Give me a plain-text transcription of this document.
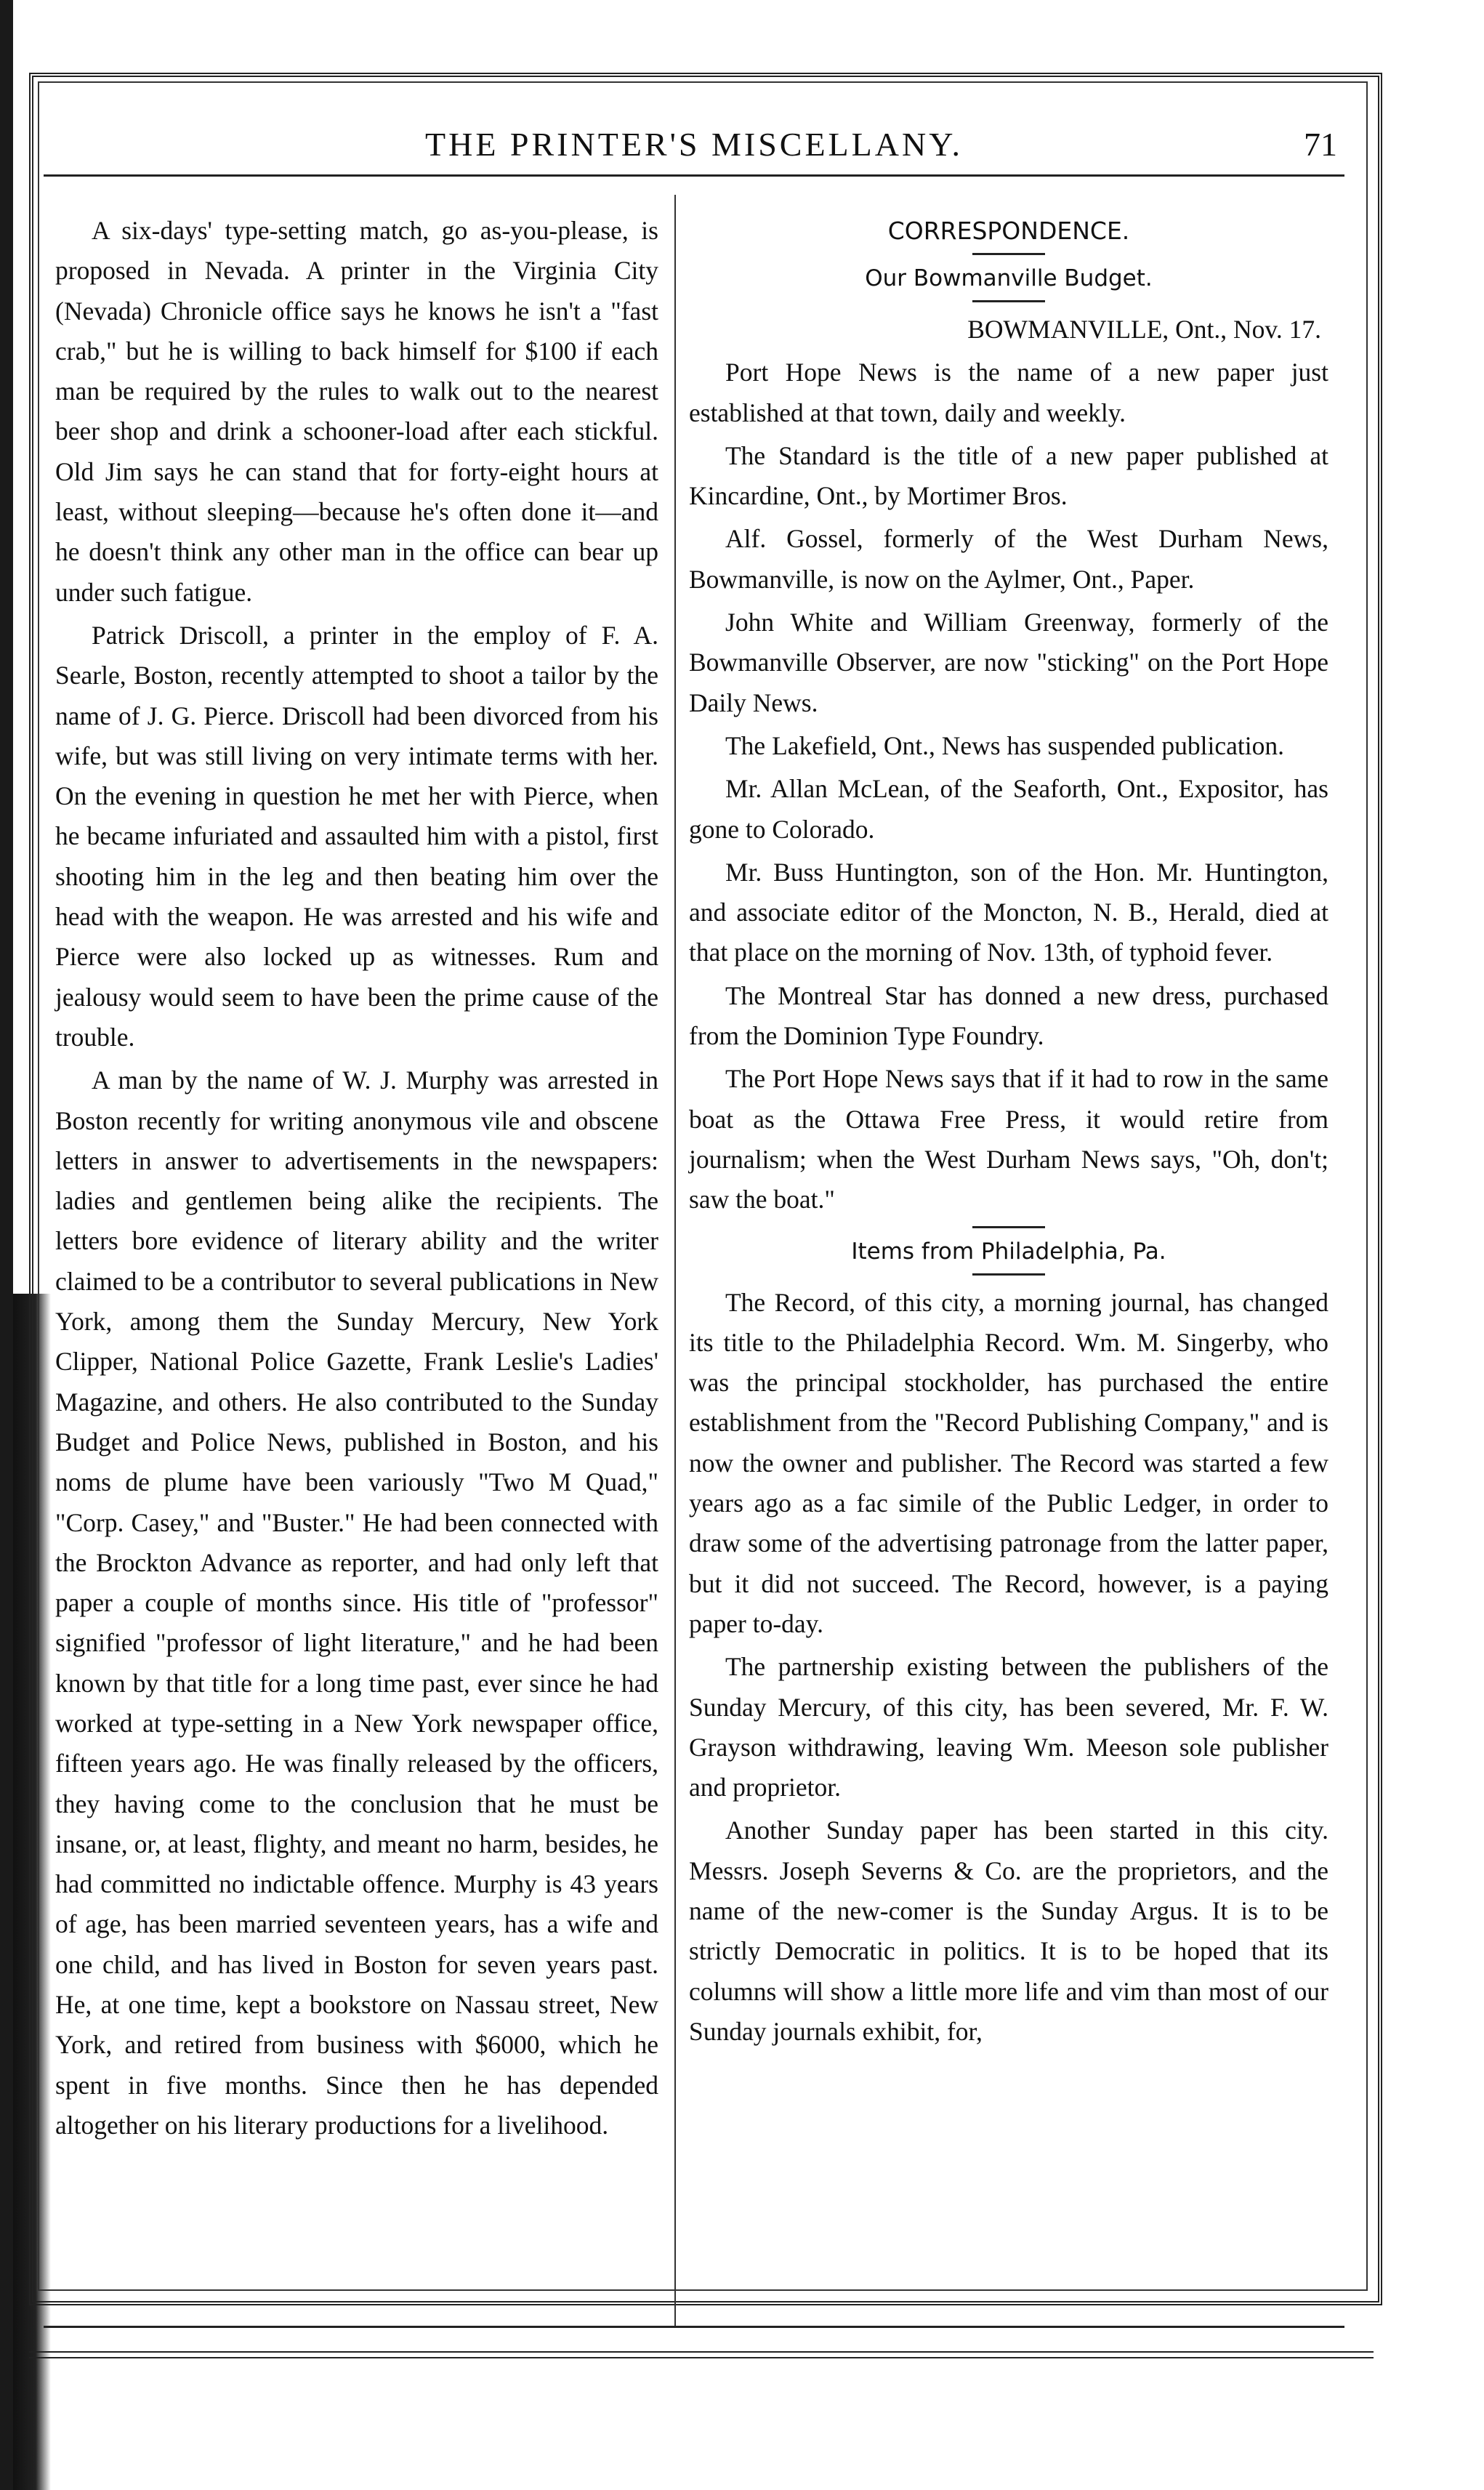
THE PRINTER'S MISCELLANY.	71

A six-days' type-setting match, go as-you-please, is proposed in Nevada. A printer in the Virginia City (Nevada) Chronicle office says he knows he isn't a "fast crab," but he is willing to back himself for $100 if each man be required by the rules to walk out to the nearest beer shop and drink a schooner-load after each stickful. Old Jim says he can stand that for forty-eight hours at least, without sleeping—because he's often done it—and he doesn't think any other man in the office can bear up under such fatigue.

Patrick Driscoll, a printer in the employ of F. A. Searle, Boston, recently attempted to shoot a tailor by the name of J. G. Pierce. Driscoll had been divorced from his wife, but was still living on very intimate terms with her. On the evening in question he met her with Pierce, when he became infuriated and assaulted him with a pistol, first shooting him in the leg and then beating him over the head with the weapon. He was arrested and his wife and Pierce were also locked up as witnesses. Rum and jealousy would seem to have been the prime cause of the trouble.

A man by the name of W. J. Murphy was arrested in Boston recently for writing anonymous vile and obscene letters in answer to advertisements in the newspapers: ladies and gentlemen being alike the recipients. The letters bore evidence of literary ability and the writer claimed to be a contributor to several publications in New York, among them the Sunday Mercury, New York Clipper, National Police Gazette, Frank Leslie's Ladies' Magazine, and others. He also contributed to the Sunday Budget and Police News, published in Boston, and his noms de plume have been variously "Two M Quad," "Corp. Casey," and "Buster." He had been connected with the Brockton Advance as reporter, and had only left that paper a couple of months since. His title of "professor" signified "professor of light literature," and he had been known by that title for a long time past, ever since he had worked at type-setting in a New York newspaper office, fifteen years ago. He was finally released by the officers, they having come to the conclusion that he must be insane, or, at least, flighty, and meant no harm, besides, he had committed no indictable offence. Murphy is 43 years of age, has been married seventeen years, has a wife and one child, and has lived in Boston for seven years past. He, at one time, kept a bookstore on Nassau street, New York, and retired from business with $6000, which he spent in five months. Since then he has depended altogether on his literary productions for a livelihood.

CORRESPONDENCE.
Our Bowmanville Budget.

BOWMANVILLE, Ont., Nov. 17.

Port Hope News is the name of a new paper just established at that town, daily and weekly.

The Standard is the title of a new paper published at Kincardine, Ont., by Mortimer Bros.

Alf. Gossel, formerly of the West Durham News, Bowmanville, is now on the Aylmer, Ont., Paper.

John White and William Greenway, formerly of the Bowmanville Observer, are now "sticking" on the Port Hope Daily News.

The Lakefield, Ont., News has suspended publication.

Mr. Allan McLean, of the Seaforth, Ont., Expositor, has gone to Colorado.

Mr. Buss Huntington, son of the Hon. Mr. Huntington, and associate editor of the Moncton, N. B., Herald, died at that place on the morning of Nov. 13th, of typhoid fever.

The Montreal Star has donned a new dress, purchased from the Dominion Type Foundry.

The Port Hope News says that if it had to row in the same boat as the Ottawa Free Press, it would retire from journalism; when the West Durham News says, "Oh, don't; saw the boat."

Items from Philadelphia, Pa.

The Record, of this city, a morning journal, has changed its title to the Philadelphia Record. Wm. M. Singerby, who was the principal stockholder, has purchased the entire establishment from the "Record Publishing Company," and is now the owner and publisher. The Record was started a few years ago as a fac simile of the Public Ledger, in order to draw some of the advertising patronage from the latter paper, but it did not succeed. The Record, however, is a paying paper to-day.

The partnership existing between the publishers of the Sunday Mercury, of this city, has been severed, Mr. F. W. Grayson withdrawing, leaving Wm. Meeson sole publisher and proprietor.

Another Sunday paper has been started in this city. Messrs. Joseph Severns & Co. are the proprietors, and the name of the new-comer is the Sunday Argus. It is to be strictly Democratic in politics. It is to be hoped that its columns will show a little more life and vim than most of our Sunday journals exhibit, for,
